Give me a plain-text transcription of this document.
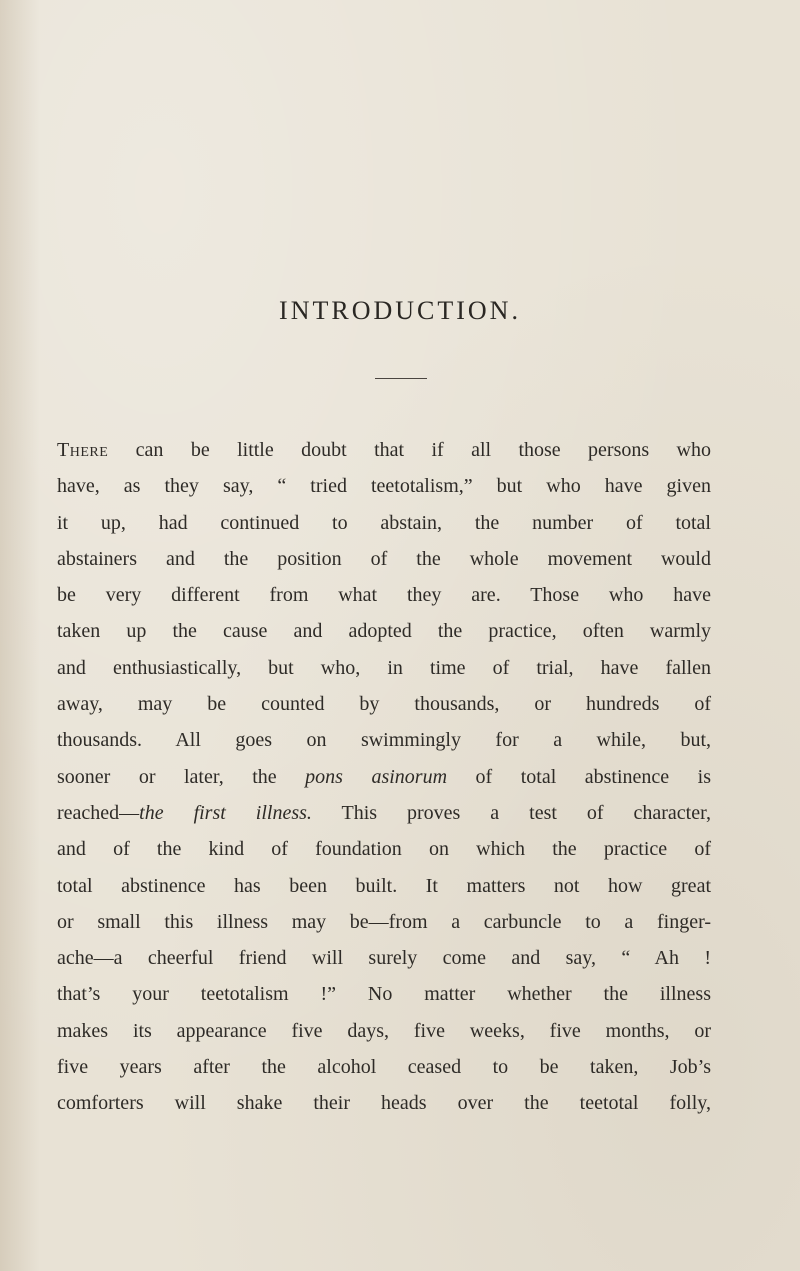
INTRODUCTION.
There can be little doubt that if all those persons who
have, as they say, “ tried teetotalism,” but who have given
it up, had continued to abstain, the number of total
abstainers and the position of the whole movement would
be very different from what they are. Those who have
taken up the cause and adopted the practice, often warmly
and enthusiastically, but who, in time of trial, have fallen
away, may be counted by thousands, or hundreds of
thousands. All goes on swimmingly for a while, but,
sooner or later, the pons asinorum of total abstinence is
reached—the first illness. This proves a test of character,
and of the kind of foundation on which the practice of
total abstinence has been built. It matters not how great
or small this illness may be—from a carbuncle to a finger-
ache—a cheerful friend will surely come and say, “ Ah !
that’s your teetotalism !” No matter whether the illness
makes its appearance five days, five weeks, five months, or
five years after the alcohol ceased to be taken, Job’s
comforters will shake their heads over the teetotal folly,
